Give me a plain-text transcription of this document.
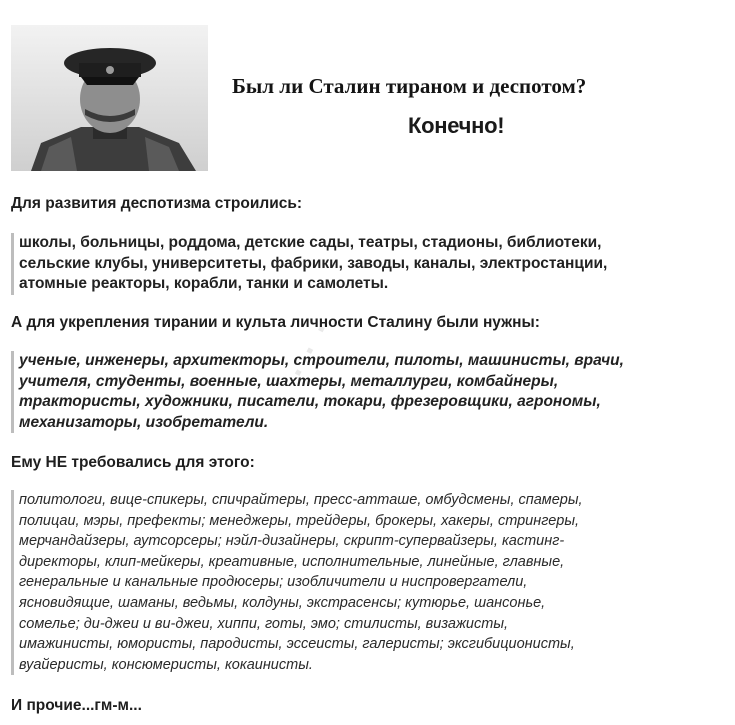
Был ли Сталин тираном и деспотом?
Конечно!
· · ·
Для развития деспотизма строились:
школы, больницы, роддома, детские сады, театры, стадионы, библиотеки,
сельские клубы, университеты, фабрики, заводы, каналы, электростанции,
атомные реакторы, корабли, танки и самолеты.
А для укрепления тирании и культа личности Сталину были нужны:
ученые, инженеры, архитекторы, строители, пилоты, машинисты, врачи,
учителя, студенты, военные, шахтеры, металлурги, комбайнеры,
трактористы, художники, писатели, токари, фрезеровщики, агрономы,
механизаторы, изобретатели.
Ему НЕ требовались для этого:
политологи, вице-спикеры, спичрайтеры, пресс-атташе, омбудсмены, спамеры,
полицаи, мэры, префекты; менеджеры, трейдеры, брокеры, хакеры, стрингеры,
мерчандайзеры, аутсорсеры; нэйл-дизайнеры, скрипт-супервайзеры, кастинг-
директоры, клип-мейкеры, креативные, исполнительные, линейные, главные,
генеральные и канальные продюсеры; изобличители и ниспровергатели,
ясновидящие, шаманы, ведьмы, колдуны, экстрасенсы; кутюрье, шансонье,
сомелье; ди-джеи и ви-джеи, хиппи, готы, эмо; стилисты, визажисты,
имажинисты, юмористы, пародисты, эссеисты, галеристы; эксгибиционисты,
вуайеристы, консюмеристы, кокаинисты.
И прочие...гм-м...
